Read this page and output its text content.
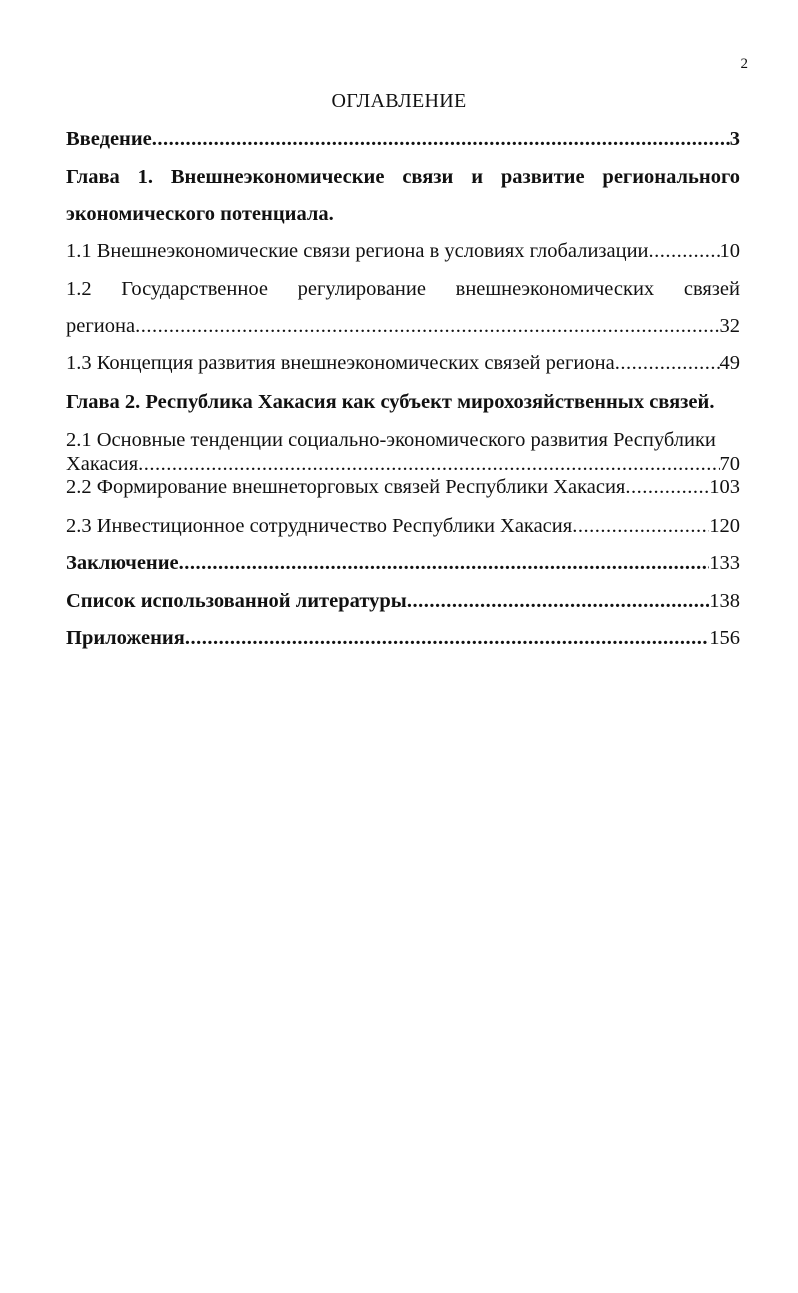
2
ОГЛАВЛЕНИЕ
Введение .....	3
Глава 1. Внешнеэкономические связи и развитие регионального
экономического потенциала.
1.1 Внешнеэкономические связи региона в условиях глобализации .....	10
1.2 Государственное регулирование внешнеэкономических связей
региона .....	32
1.3 Концепция развития внешнеэкономических связей региона .....	49
Глава 2. Республика Хакасия как субъект мирохозяйственных связей.
2.1 Основные тенденции социально-экономического развития Республики
Хакасия .....	70
2.2 Формирование внешнеторговых связей Республики Хакасия .....	103
2.3 Инвестиционное сотрудничество Республики Хакасия .....	120
Заключение .....	133
Список использованной литературы .....	138
Приложения .....	156
